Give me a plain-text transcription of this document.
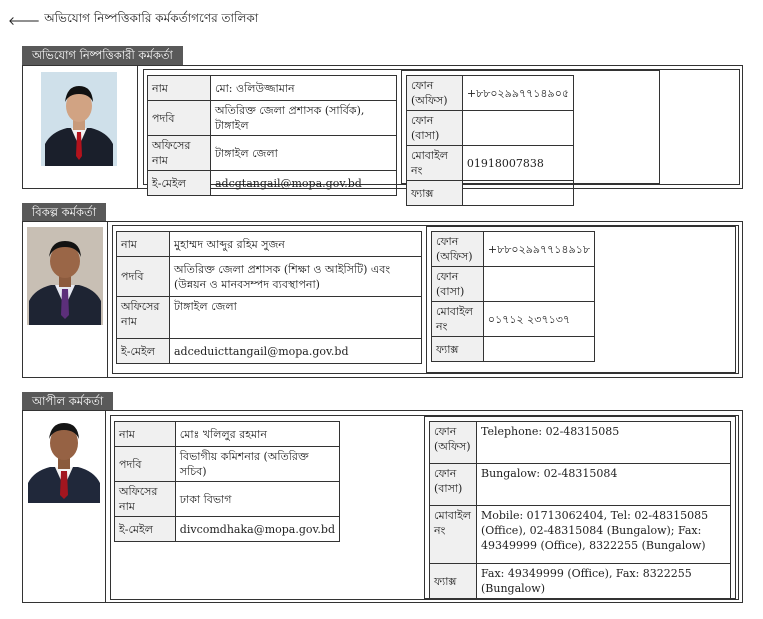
🡐 অভিযোগ নিষ্পত্তিকারি কর্মকর্তাগণের তালিকা
অভিযোগ নিষ্পত্তিকারী কর্মকর্তা
নাম	মো: ওলিউজ্জামান
পদবি	অতিরিক্ত জেলা প্রশাসক (সার্বিক), টাঙ্গাইল
অফিসের নাম	টাঙ্গাইল জেলা
ই-মেইল	adcgtangail@mopa.gov.bd
ফোন (অফিস)	+৮৮০২৯৯৭৭১৪৯০৫
ফোন (বাসা)	
মোবাইল নং	01918007838
ফ্যাক্স	
বিকল্প কর্মকর্তা
নাম	মুহাম্মদ আব্দুর রহিম সুজন
পদবি	অতিরিক্ত জেলা প্রশাসক (শিক্ষা ও আইসিটি) এবং (উন্নয়ন ও মানবসম্পদ ব্যবস্থাপনা)
অফিসের নাম	টাঙ্গাইল জেলা
ই-মেইল	adceduicttangail@mopa.gov.bd
ফোন (অফিস)	+৮৮০২৯৯৭৭১৪৯১৮
ফোন (বাসা)	
মোবাইল নং	০১৭১২ ২৩৭১৩৭
ফ্যাক্স	
আপীল কর্মকর্তা
নাম	মোঃ খলিলুর রহমান
পদবি	বিভাগীয় কমিশনার (অতিরিক্ত সচিব)
অফিসের নাম	ঢাকা বিভাগ
ই-মেইল	divcomdhaka@mopa.gov.bd
ফোন (অফিস)	Telephone: 02-48315085
ফোন (বাসা)	Bungalow: 02-48315084
মোবাইল নং	Mobile: 01713062404, Tel: 02-48315085 (Office), 02-48315084 (Bungalow); Fax: 49349999 (Office), 8322255 (Bungalow)
ফ্যাক্স	Fax: 49349999 (Office), Fax: 8322255 (Bungalow)
